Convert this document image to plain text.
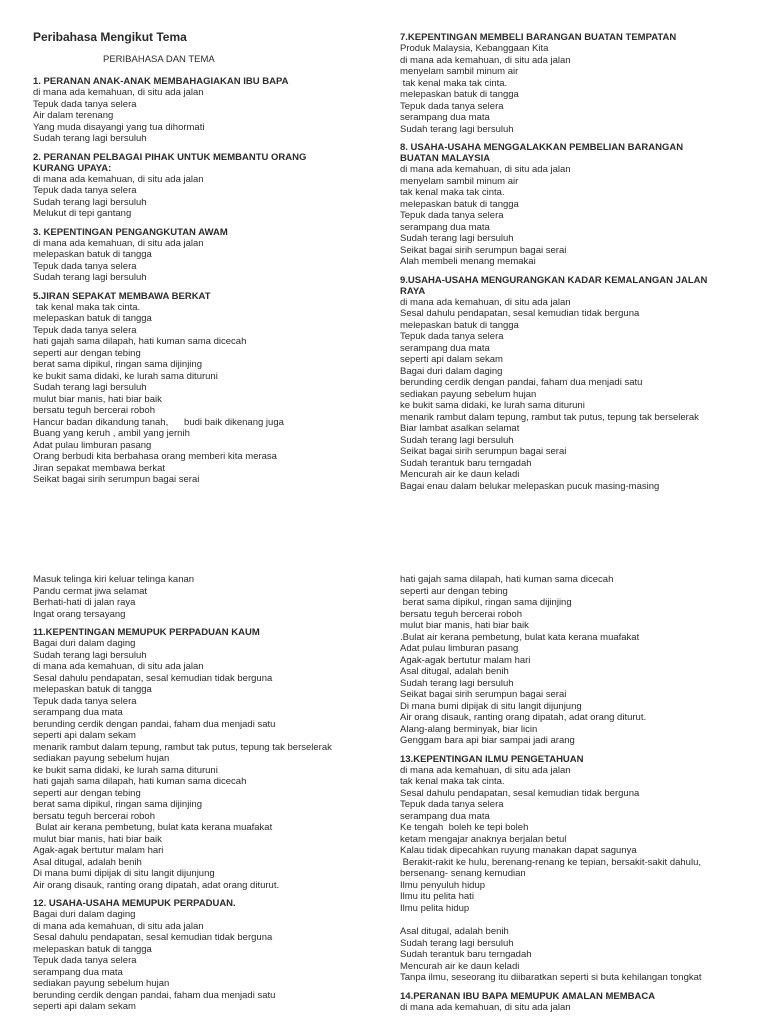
Peribahasa Mengikut Tema
PERIBAHASA DAN TEMA
1. PERANAN ANAK-ANAK MEMBAHAGIAKAN IBU BAPA
di mana ada kemahuan, di situ ada jalan
Tepuk dada tanya selera
Air dalam terenang
Yang muda disayangi yang tua dihormati
Sudah terang lagi bersuluh
2. PERANAN PELBAGAI PIHAK UNTUK MEMBANTU ORANG
KURANG UPAYA:
di mana ada kemahuan, di situ ada jalan
Tepuk dada tanya selera
Sudah terang lagi bersuluh
Melukut di tepi gantang
3. KEPENTINGAN PENGANGKUTAN AWAM
di mana ada kemahuan, di situ ada jalan
melepaskan batuk di tangga
Tepuk dada tanya selera
Sudah terang lagi bersuluh
5.JIRAN SEPAKAT MEMBAWA BERKAT
tak kenal maka tak cinta.
melepaskan batuk di tangga
Tepuk dada tanya selera
hati gajah sama dilapah, hati kuman sama dicecah
seperti aur dengan tebing
berat sama dipikul, ringan sama dijinjing
ke bukit sama didaki, ke lurah sama dituruni
Sudah terang lagi bersuluh
mulut biar manis, hati biar baik
bersatu teguh bercerai roboh
Hancur badan dikandung tanah,      budi baik dikenang juga
Buang yang keruh , ambil yang jernih
Adat pulau limburan pasang
Orang berbudi kita berbahasa orang memberi kita merasa
Jiran sepakat membawa berkat
Seikat bagai sirih serumpun bagai serai
7.KEPENTINGAN MEMBELI BARANGAN BUATAN TEMPATAN
Produk Malaysia, Kebanggaan Kita
di mana ada kemahuan, di situ ada jalan
menyelam sambil minum air
tak kenal maka tak cinta.
melepaskan batuk di tangga
Tepuk dada tanya selera
serampang dua mata
Sudah terang lagi bersuluh
8. USAHA-USAHA MENGGALAKKAN PEMBELIAN BARANGAN
BUATAN MALAYSIA
di mana ada kemahuan, di situ ada jalan
menyelam sambil minum air
tak kenal maka tak cinta.
melepaskan batuk di tangga
Tepuk dada tanya selera
serampang dua mata
Sudah terang lagi bersuluh
Seikat bagai sirih serumpun bagai serai
Alah membeli menang memakai
9.USAHA-USAHA MENGURANGKAN KADAR KEMALANGAN JALAN
RAYA
di mana ada kemahuan, di situ ada jalan
Sesal dahulu pendapatan, sesal kemudian tidak berguna
melepaskan batuk di tangga
Tepuk dada tanya selera
serampang dua mata
seperti api dalam sekam
Bagai duri dalam daging
berunding cerdik dengan pandai, faham dua menjadi satu
sediakan payung sebelum hujan
ke bukit sama didaki, ke lurah sama dituruni
menarik rambut dalam tepung, rambut tak putus, tepung tak berselerak
Biar lambat asalkan selamat
Sudah terang lagi bersuluh
Seikat bagai sirih serumpun bagai serai
Sudah terantuk baru terngadah
Mencurah air ke daun keladi
Bagai enau dalam belukar melepaskan pucuk masing-masing
Masuk telinga kiri keluar telinga kanan
Pandu cermat jiwa selamat
Berhati-hati di jalan raya
Ingat orang tersayang
11.KEPENTINGAN MEMUPUK PERPADUAN KAUM
Bagai duri dalam daging
Sudah terang lagi bersuluh
di mana ada kemahuan, di situ ada jalan
Sesal dahulu pendapatan, sesal kemudian tidak berguna
melepaskan batuk di tangga
Tepuk dada tanya selera
serampang dua mata
berunding cerdik dengan pandai, faham dua menjadi satu
seperti api dalam sekam
menarik rambut dalam tepung, rambut tak putus, tepung tak berselerak
sediakan payung sebelum hujan
ke bukit sama didaki, ke lurah sama dituruni
hati gajah sama dilapah, hati kuman sama dicecah
seperti aur dengan tebing
berat sama dipikul, ringan sama dijinjing
bersatu teguh bercerai roboh
Bulat air kerana pembetung, bulat kata kerana muafakat
mulut biar manis, hati biar baik
Agak-agak bertutur malam hari
Asal ditugal, adalah benih
Di mana bumi dipijak di situ langit dijunjung
Air orang disauk, ranting orang dipatah, adat orang diturut.
12. USAHA-USAHA MEMUPUK PERPADUAN.
Bagai duri dalam daging
di mana ada kemahuan, di situ ada jalan
Sesal dahulu pendapatan, sesal kemudian tidak berguna
melepaskan batuk di tangga
Tepuk dada tanya selera
serampang dua mata
sediakan payung sebelum hujan
berunding cerdik dengan pandai, faham dua menjadi satu
seperti api dalam sekam
hati gajah sama dilapah, hati kuman sama dicecah
seperti aur dengan tebing
berat sama dipikul, ringan sama dijinjing
bersatu teguh bercerai roboh
mulut biar manis, hati biar baik
.Bulat air kerana pembetung, bulat kata kerana muafakat
Adat pulau limburan pasang
Agak-agak bertutur malam hari
Asal ditugal, adalah benih
Sudah terang lagi bersuluh
Seikat bagai sirih serumpun bagai serai
Di mana bumi dipijak di situ langit dijunjung
Air orang disauk, ranting orang dipatah, adat orang diturut.
Alang-alang berminyak, biar licin
Genggam bara api biar sampai jadi arang
13.KEPENTINGAN ILMU PENGETAHUAN
di mana ada kemahuan, di situ ada jalan
tak kenal maka tak cinta.
Sesal dahulu pendapatan, sesal kemudian tidak berguna
Tepuk dada tanya selera
serampang dua mata
Ke tengah  boleh ke tepi boleh
ketam mengajar anaknya berjalan betul
Kalau tidak dipecahkan ruyung manakan dapat sagunya
Berakit-rakit ke hulu, berenang-renang ke tepian, bersakit-sakit dahulu,
bersenang- senang kemudian
Ilmu penyuluh hidup
Ilmu itu pelita hati
Ilmu pelita hidup
Asal ditugal, adalah benih
Sudah terang lagi bersuluh
Sudah terantuk baru terngadah
Mencurah air ke daun keladi
Tanpa ilmu, seseorang itu diibaratkan seperti si buta kehilangan tongkat
14.PERANAN IBU BAPA MEMUPUK AMALAN MEMBACA
di mana ada kemahuan, di situ ada jalan
